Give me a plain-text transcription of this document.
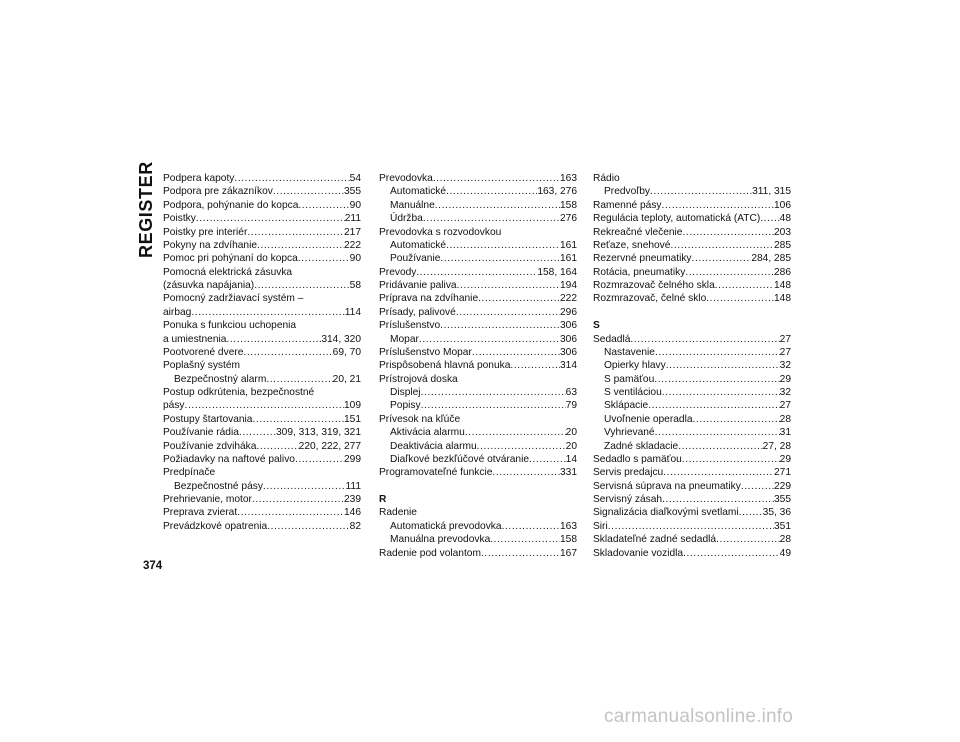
REGISTER Podpera kapoty .....	54
Podpora pre zákazníkov .....	355
Podpora, pohýnanie do kopca .....	90
Poistky .....	211
Poistky pre interiér .....	217
Pokyny na zdvíhanie .....	222
Pomoc pri pohýnaní do kopca .....	90
Pomocná elektrická zásuvka
(zásuvka napájania) .....	58
Pomocný zadržiavací systém –
airbag .....	114
Ponuka s funkciou uchopenia
a umiestnenia .....	314, 320
Pootvorené dvere .....	69, 70
Poplašný systém
Bezpečnostný alarm .....	20, 21
Postup odkrútenia, bezpečnostné
pásy .....	109
Postupy štartovania .....	151
Používanie rádia .....	309, 313, 319, 321
Používanie zdviháka .....	220, 222, 277
Požiadavky na naftové palivo .....	299
Predpínače
Bezpečnostné pásy .....	111
Prehrievanie, motor .....	239
Preprava zvierat .....	146
Prevádzkové opatrenia .....	82
Prevodovka .....	163
Automatické .....	163, 276
Manuálne .....	158
Údržba .....	276
Prevodovka s rozvodovkou
Automatické .....	161
Používanie .....	161
Prevody .....	158, 164
Pridávanie paliva .....	194
Príprava na zdvíhanie .....	222
Prísady, palivové .....	296
Príslušenstvo .....	306
Mopar .....	306
Príslušenstvo Mopar .....	306
Prispôsobená hlavná ponuka .....	314
Prístrojová doska
Displej .....	63
Popisy .....	79
Prívesok na kľúče
Aktivácia alarmu .....	20
Deaktivácia alarmu .....	20
Diaľkové bezkľúčové otváranie .....	14
Programovateľné funkcie .....	331
R
Radenie
Automatická prevodovka .....	163
Manuálna prevodovka .....	158
Radenie pod volantom .....	167
Rádio
Predvoľby .....	311, 315
Ramenné pásy .....	106
Regulácia teploty, automatická (ATC) ..... 48
Rekreačné vlečenie .....	203
Reťaze, snehové .....	285
Rezervné pneumatiky .....	284, 285
Rotácia, pneumatiky .....	286
Rozmrazovač čelného skla .....	148
Rozmrazovač, čelné sklo .....	148
S
Sedadlá .....	27
Nastavenie .....	27
Opierky hlavy .....	32
S pamäťou .....	29
S ventiláciou .....	32
Sklápacie .....	27
Uvoľnenie operadla .....	28
Vyhrievané .....	31
Zadné skladacie .....	27, 28
Sedadlo s pamäťou .....	29
Servis predajcu .....	271
Servisná súprava na pneumatiky .....	229
Servisný zásah .....	355
Signalizácia diaľkovými svetlami ..... 35, 36
Siri .....	351
Skladateľné zadné sedadlá .....	28
Skladovanie vozidla .....	49
374
carmanualsonline.info
